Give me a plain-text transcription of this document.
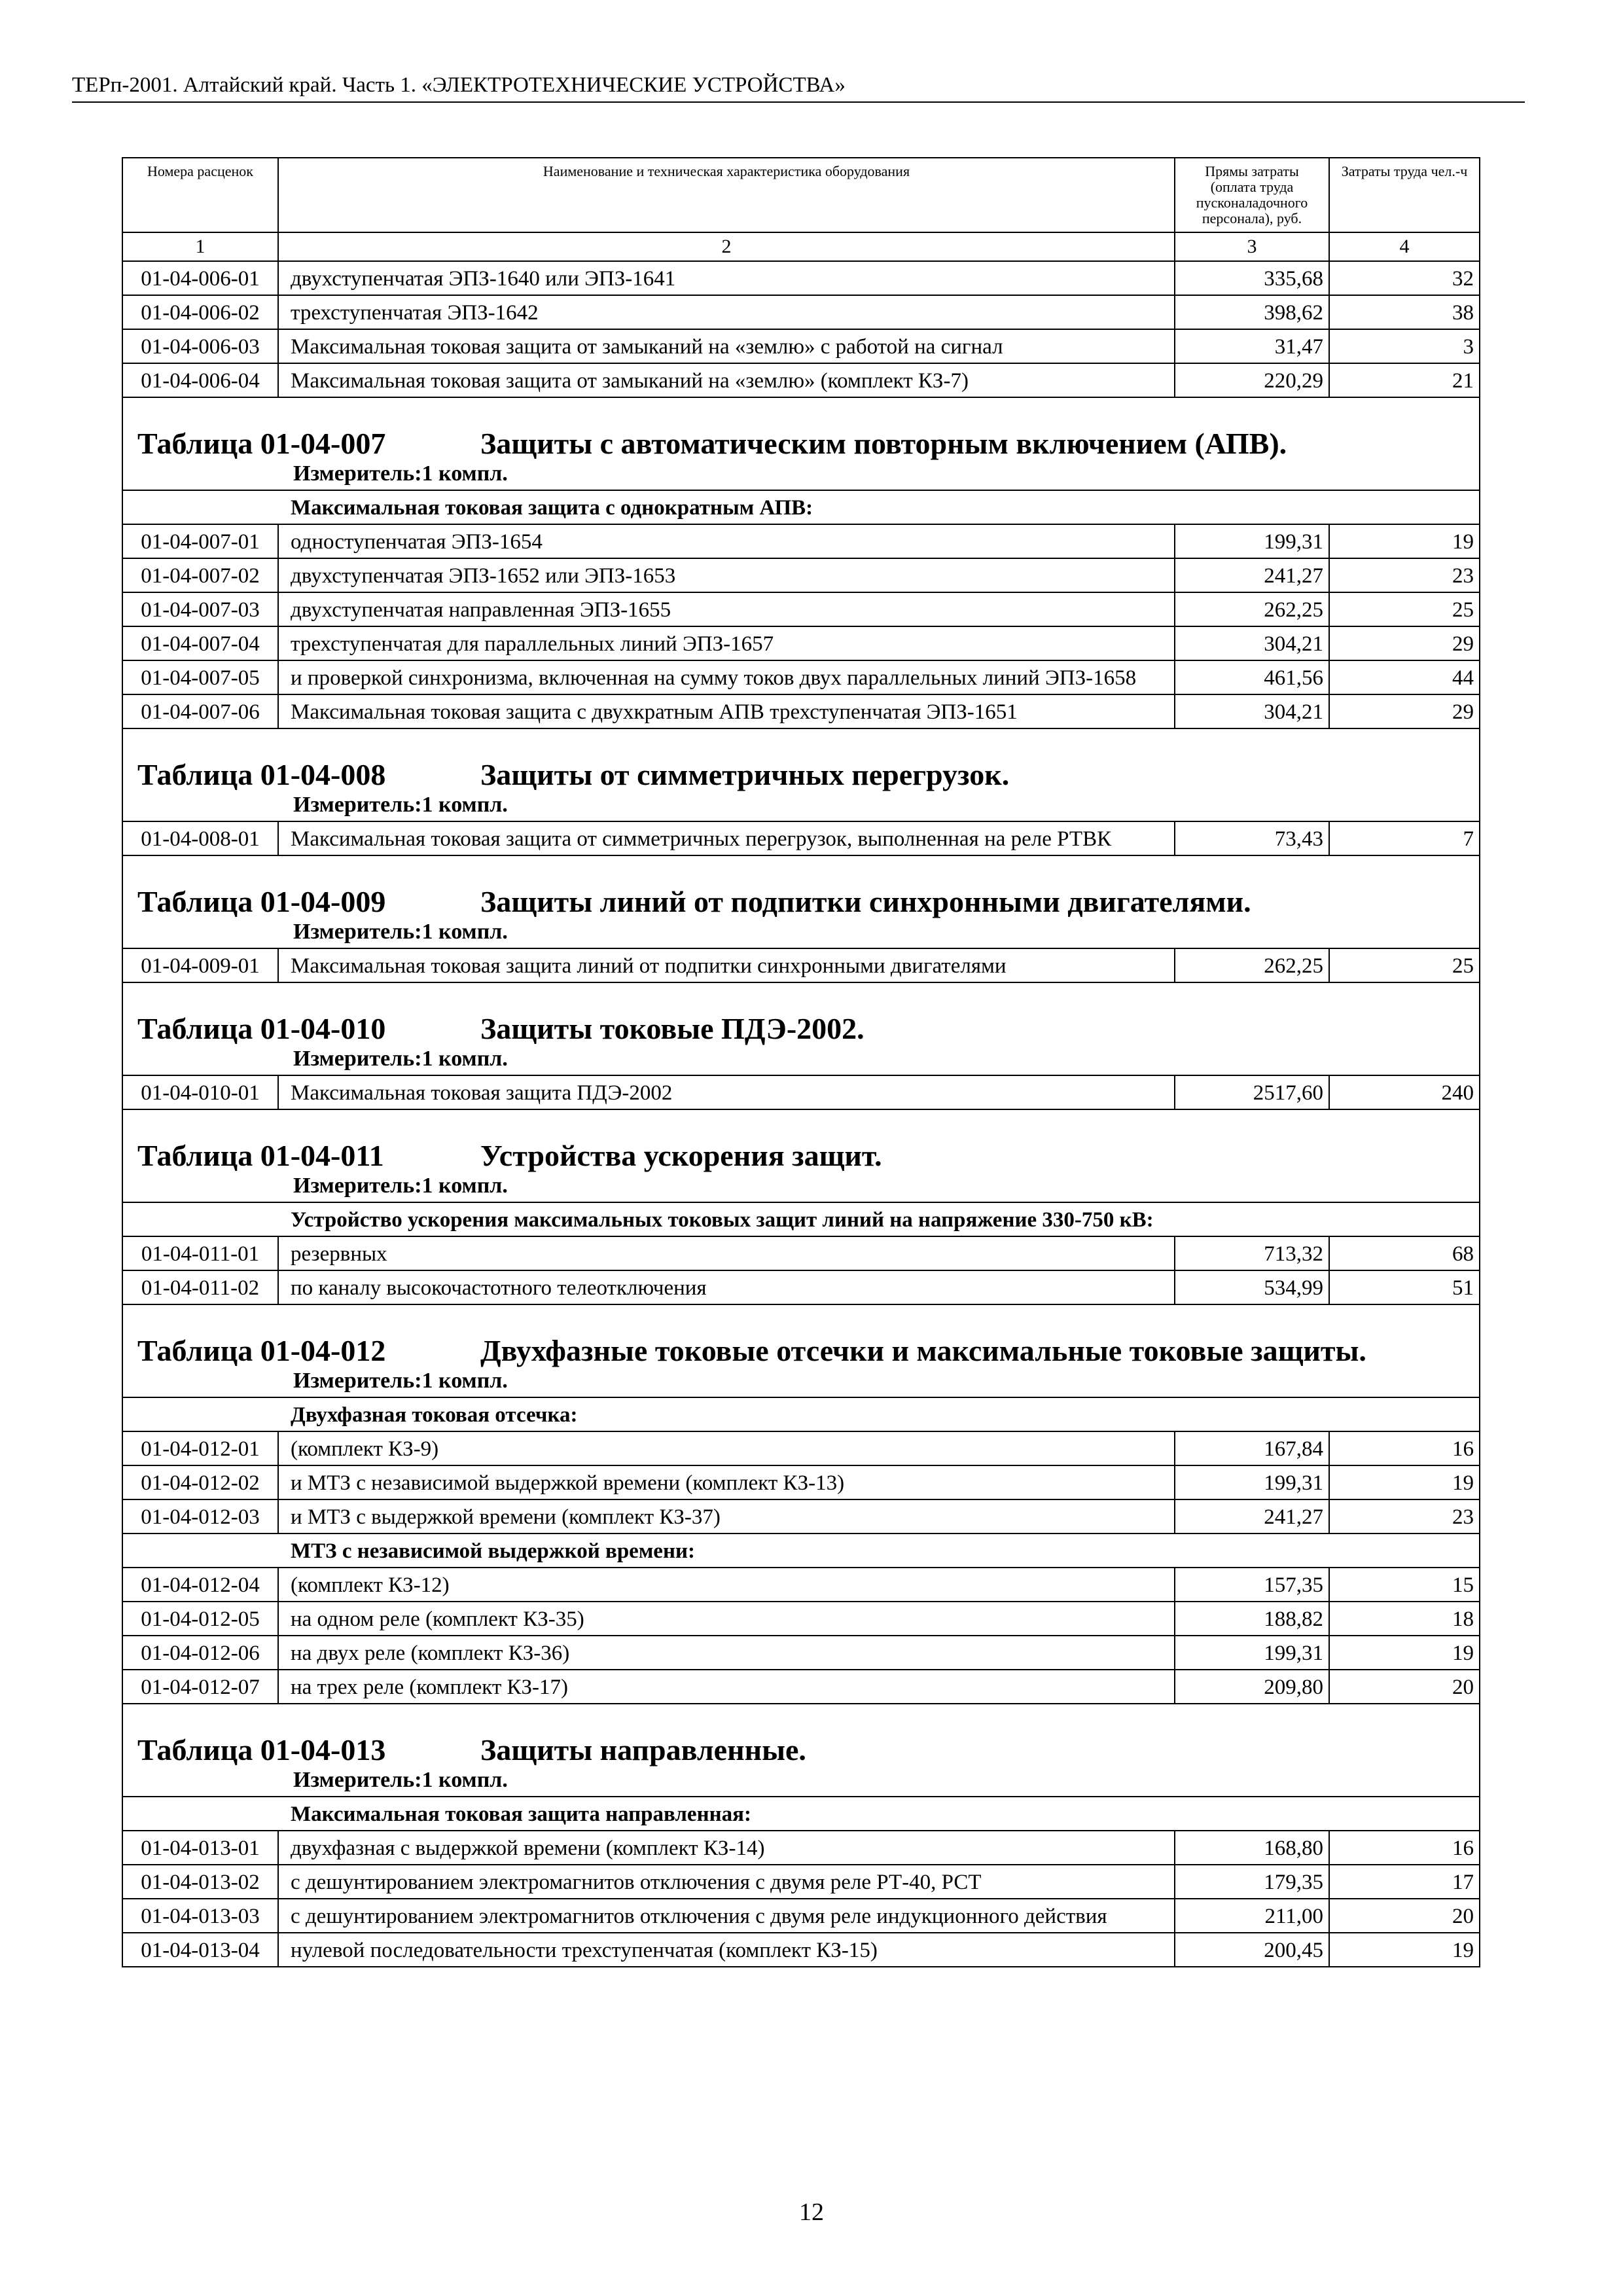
ТЕРп-2001. Алтайский край. Часть 1. «ЭЛЕКТРОТЕХНИЧЕСКИЕ УСТРОЙСТВА»
Номера расценок	Наименование и техническая характеристика оборудования	Прямы затраты (оплата труда пусконаладочного персонала), руб.	Затраты труда чел.-ч
1	2	3	4
01-04-006-01	двухступенчатая ЭПЗ-1640 или ЭПЗ-1641	335,68	32
01-04-006-02	трехступенчатая ЭПЗ-1642	398,62	38
01-04-006-03	Максимальная токовая защита от замыканий на «землю» с работой на сигнал	31,47	3
01-04-006-04	Максимальная токовая защита от замыканий на «землю» (комплект КЗ-7)	220,29	21

Таблица 01-04-007 Защиты с автоматическим повторным включением (АПВ).
Измеритель:1 компл.			

Максимальная токовая защита с однократным АПВ:			
01-04-007-01	одноступенчатая ЭПЗ-1654	199,31	19
01-04-007-02	двухступенчатая ЭПЗ-1652 или ЭПЗ-1653	241,27	23
01-04-007-03	двухступенчатая направленная ЭПЗ-1655	262,25	25
01-04-007-04	трехступенчатая для параллельных линий ЭПЗ-1657	304,21	29
01-04-007-05	и проверкой синхронизма, включенная на сумму токов двух параллельных линий ЭПЗ-1658	461,56	44
01-04-007-06	Максимальная токовая защита с двухкратным АПВ трехступенчатая ЭПЗ-1651	304,21	29

Таблица 01-04-008 Защиты от симметричных перегрузок.
Измеритель:1 компл.			

01-04-008-01	Максимальная токовая защита от симметричных перегрузок, выполненная на реле РТВК	73,43	7

Таблица 01-04-009 Защиты линий от подпитки синхронными двигателями.
Измеритель:1 компл.			

01-04-009-01	Максимальная токовая защита линий от подпитки синхронными двигателями	262,25	25

Таблица 01-04-010 Защиты токовые ПДЭ-2002.
Измеритель:1 компл.			

01-04-010-01	Максимальная токовая защита ПДЭ-2002	2517,60	240

Таблица 01-04-011 Устройства ускорения защит.
Измеритель:1 компл.			

Устройство ускорения максимальных токовых защит линий на напряжение 330-750 кВ:			
01-04-011-01	резервных	713,32	68
01-04-011-02	по каналу высокочастотного телеотключения	534,99	51

Таблица 01-04-012 Двухфазные токовые отсечки и максимальные токовые защиты.
Измеритель:1 компл.			

Двухфазная токовая отсечка:			
01-04-012-01	(комплект КЗ-9)	167,84	16
01-04-012-02	и МТЗ с независимой выдержкой времени (комплект КЗ-13)	199,31	19
01-04-012-03	и МТЗ с выдержкой времени (комплект КЗ-37)	241,27	23
МТЗ с независимой выдержкой времени:			
01-04-012-04	(комплект КЗ-12)	157,35	15
01-04-012-05	на одном реле (комплект КЗ-35)	188,82	18
01-04-012-06	на двух реле (комплект КЗ-36)	199,31	19
01-04-012-07	на трех реле (комплект КЗ-17)	209,80	20

Таблица 01-04-013 Защиты направленные.
Измеритель:1 компл.			

Максимальная токовая защита направленная:			
01-04-013-01	двухфазная с выдержкой времени (комплект КЗ-14)	168,80	16
01-04-013-02	с дешунтированием электромагнитов отключения с двумя реле РТ-40, РСТ	179,35	17
01-04-013-03	с дешунтированием электромагнитов отключения с двумя реле индукционного действия	211,00	20
01-04-013-04	нулевой последовательности трехступенчатая (комплект КЗ-15)	200,45	19
12
